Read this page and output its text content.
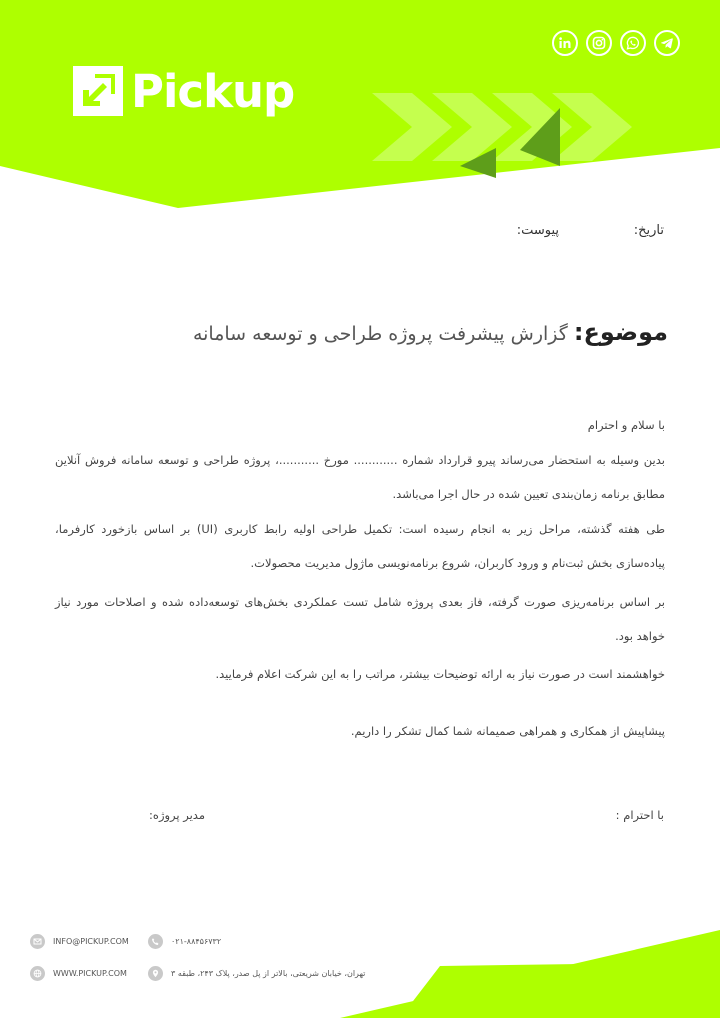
Pickup
تاریخ:
پیوست:
موضوع: گزارش پیشرفت پروژه طراحی و توسعه سامانه
با سلام و احترام
بدین وسیله به استحضار می‌رساند پیرو قرارداد شماره ............ مورخ ...........، پروژه طراحی و توسعه سامانه فروش آنلاین مطابق برنامه زمان‌بندی تعیین شده در حال اجرا می‌باشد.
طی هفته گذشته، مراحل زیر به انجام رسیده است: تکمیل طراحی اولیه رابط کاربری (UI) بر اساس بازخورد کارفرما، پیاده‌سازی بخش ثبت‌نام و ورود کاربران، شروع برنامه‌نویسی ماژول مدیریت محصولات.
بر اساس برنامه‌ریزی صورت گرفته، فاز بعدی پروژه شامل تست عملکردی بخش‌های توسعه‌داده شده و اصلاحات مورد نیاز خواهد بود.
خواهشمند است در صورت نیاز به ارائه توضیحات بیشتر، مراتب را به این شرکت اعلام فرمایید.
پیشاپیش از همکاری و همراهی صمیمانه شما کمال تشکر را داریم.
با احترام :
مدیر پروژه:
INFO@PICKUP.COM	۰۲۱-۸۸۴۵۶۷۳۲
WWW.PICKUP.COM	تهران، خیابان شریعتی، بالاتر از پل صدر، پلاک ۲۴۳، طبقه ۳
